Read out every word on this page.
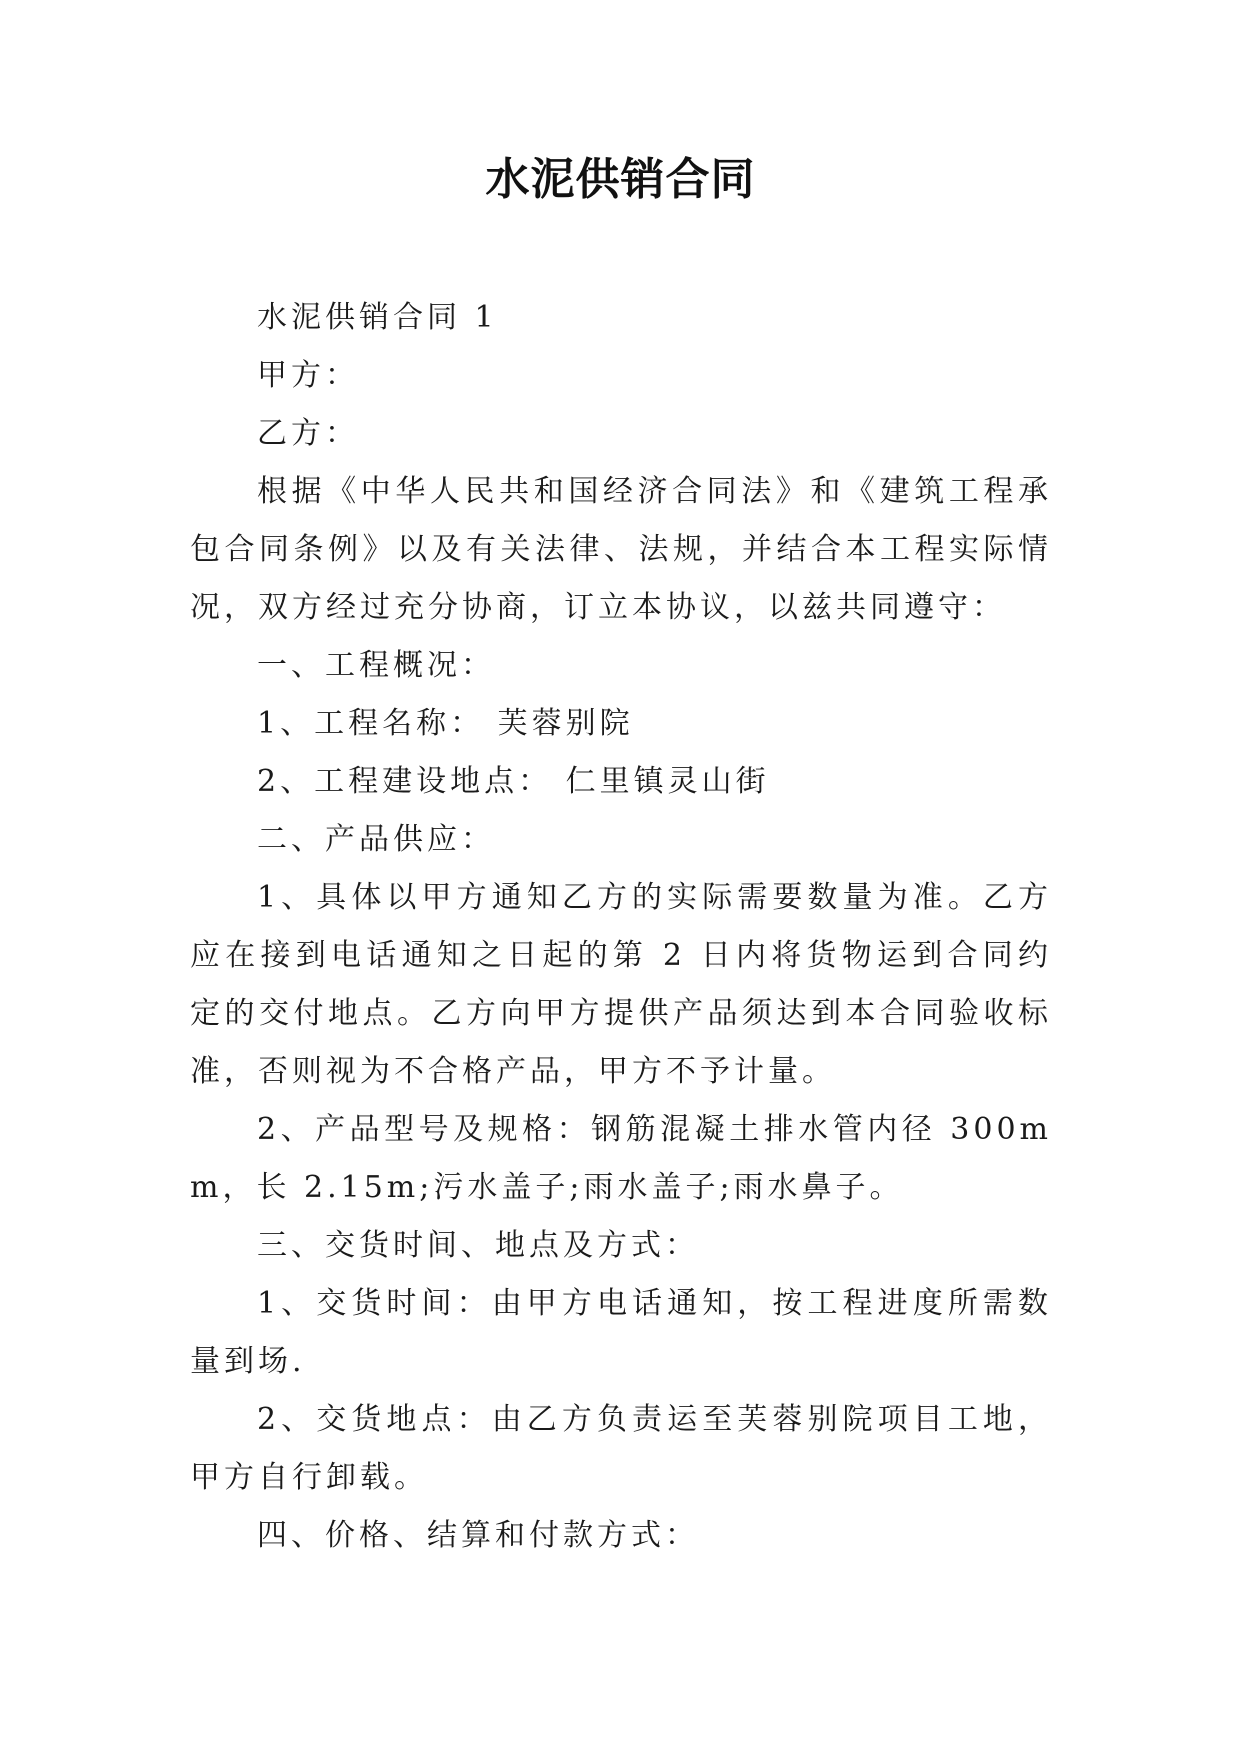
水泥供销合同

水泥供销合同 1

甲方：

乙方：

根据《中华人民共和国经济合同法》和《建筑工程承包合同条例》以及有关法律、法规，并结合本工程实际情况，双方经过充分协商，订立本协议，以兹共同遵守：

一、工程概况：

1、工程名称： 芙蓉别院

2、工程建设地点： 仁里镇灵山街

二、产品供应：

1、具体以甲方通知乙方的实际需要数量为准。乙方应在接到电话通知之日起的第 2 日内将货物运到合同约定的交付地点。乙方向甲方提供产品须达到本合同验收标准，否则视为不合格产品，甲方不予计量。

2、产品型号及规格：钢筋混凝土排水管内径 300mm，长 2.15m;污水盖子;雨水盖子;雨水鼻子。

三、交货时间、地点及方式：

1、交货时间：由甲方电话通知，按工程进度所需数量到场.

2、交货地点：由乙方负责运至芙蓉别院项目工地，甲方自行卸载。

四、价格、结算和付款方式：
